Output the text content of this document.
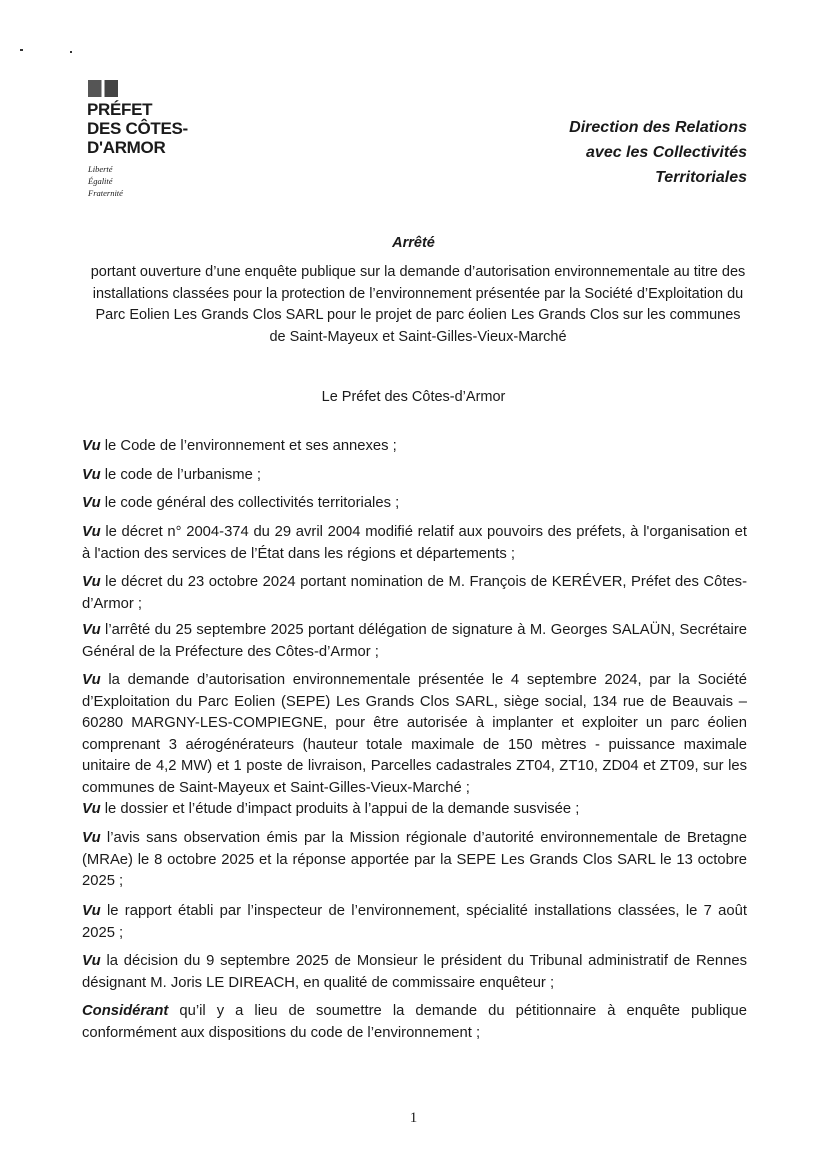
PRÉFET
DES CÔTES-
D'ARMOR
Liberté
Égalité
Fraternité
Direction des Relations
avec les Collectivités
Territoriales
Arrêté
portant ouverture d’une enquête publique sur la demande d’autorisation environnementale au titre des installations classées pour la protection de l’environnement présentée par la Société d’Exploitation du Parc Eolien Les Grands Clos SARL pour le projet de parc éolien Les Grands Clos sur les communes de Saint-Mayeux et Saint-Gilles-Vieux-Marché
Le Préfet des Côtes-d’Armor
Vu le Code de l’environnement et ses annexes ;
Vu le code de l’urbanisme ;
Vu le code général des collectivités territoriales ;
Vu le décret n° 2004-374 du 29 avril 2004 modifié relatif aux pouvoirs des préfets, à l'organisation et à l'action des services de l’État dans les régions et départements ;
Vu le décret du 23 octobre 2024 portant nomination de M. François de KERÉVER, Préfet des Côtes-d’Armor ;
Vu l’arrêté du 25 septembre 2025 portant délégation de signature à M. Georges SALAÜN, Secrétaire Général de la Préfecture des Côtes-d’Armor ;
Vu la demande d’autorisation environnementale présentée le 4 septembre 2024, par la Société d’Exploitation du Parc Eolien (SEPE) Les Grands Clos SARL, siège social, 134 rue de Beauvais – 60280 MARGNY-LES-COMPIEGNE, pour être autorisée à implanter et exploiter un parc éolien comprenant 3 aérogénérateurs (hauteur totale maximale de 150 mètres - puissance maximale unitaire de 4,2 MW) et 1 poste de livraison, Parcelles cadastrales ZT04, ZT10, ZD04 et ZT09, sur les communes de Saint-Mayeux et Saint-Gilles-Vieux-Marché ;
Vu le dossier et l’étude d’impact produits à l’appui de la demande susvisée ;
Vu l’avis sans observation émis par la Mission régionale d’autorité environnementale de Bretagne (MRAe) le 8 octobre 2025 et la réponse apportée par la SEPE Les Grands Clos SARL le 13 octobre 2025 ;
Vu le rapport établi par l’inspecteur de l’environnement, spécialité installations classées, le 7 août 2025 ;
Vu la décision du 9 septembre 2025 de Monsieur le président du Tribunal administratif de Rennes désignant M. Joris LE DIREACH, en qualité de commissaire enquêteur ;
Considérant qu’il y a lieu de soumettre la demande du pétitionnaire à enquête publique conformément aux dispositions du code de l’environnement ;
1
